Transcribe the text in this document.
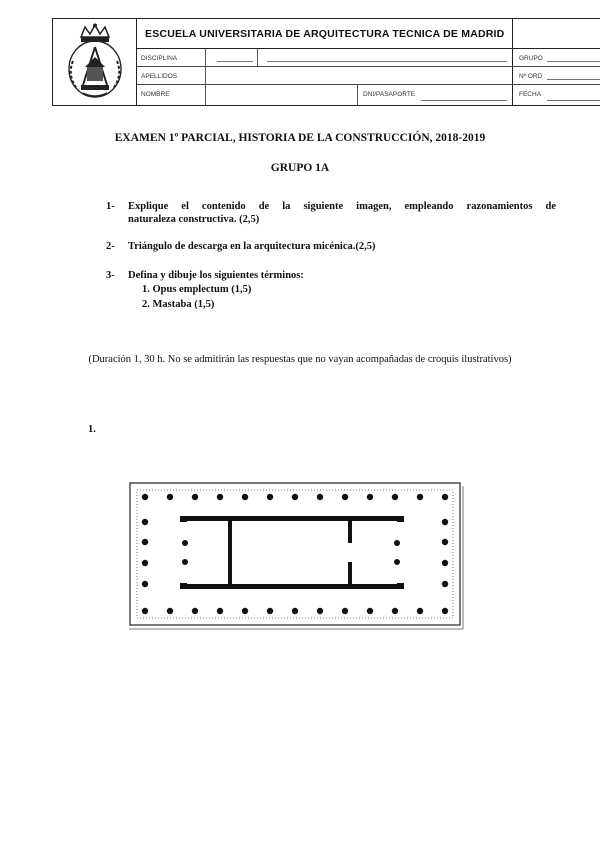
ESCUELA UNIVERSITARIA DE ARQUITECTURA TECNICA DE MADRID
DISCIPLINA	GRUPO
APELLIDOS	Nº ORD
NOMBRE	DNI/PASAPORTE	FECHA
EXAMEN 1º PARCIAL, HISTORIA DE LA CONSTRUCCIÓN, 2018-2019
GRUPO 1A
1- Explique el contenido de la siguiente imagen, empleando razonamientos de
naturaleza constructiva. (2,5)
2- Triángulo de descarga en la arquitectura micénica.(2,5)
3- Defina y dibuje los siguientes términos:
1. Opus emplectum (1,5)
2. Mastaba (1,5)
(Duración 1, 30 h. No se admitirán las respuestas que no vayan acompañadas de croquis ilustrativos)
1.
